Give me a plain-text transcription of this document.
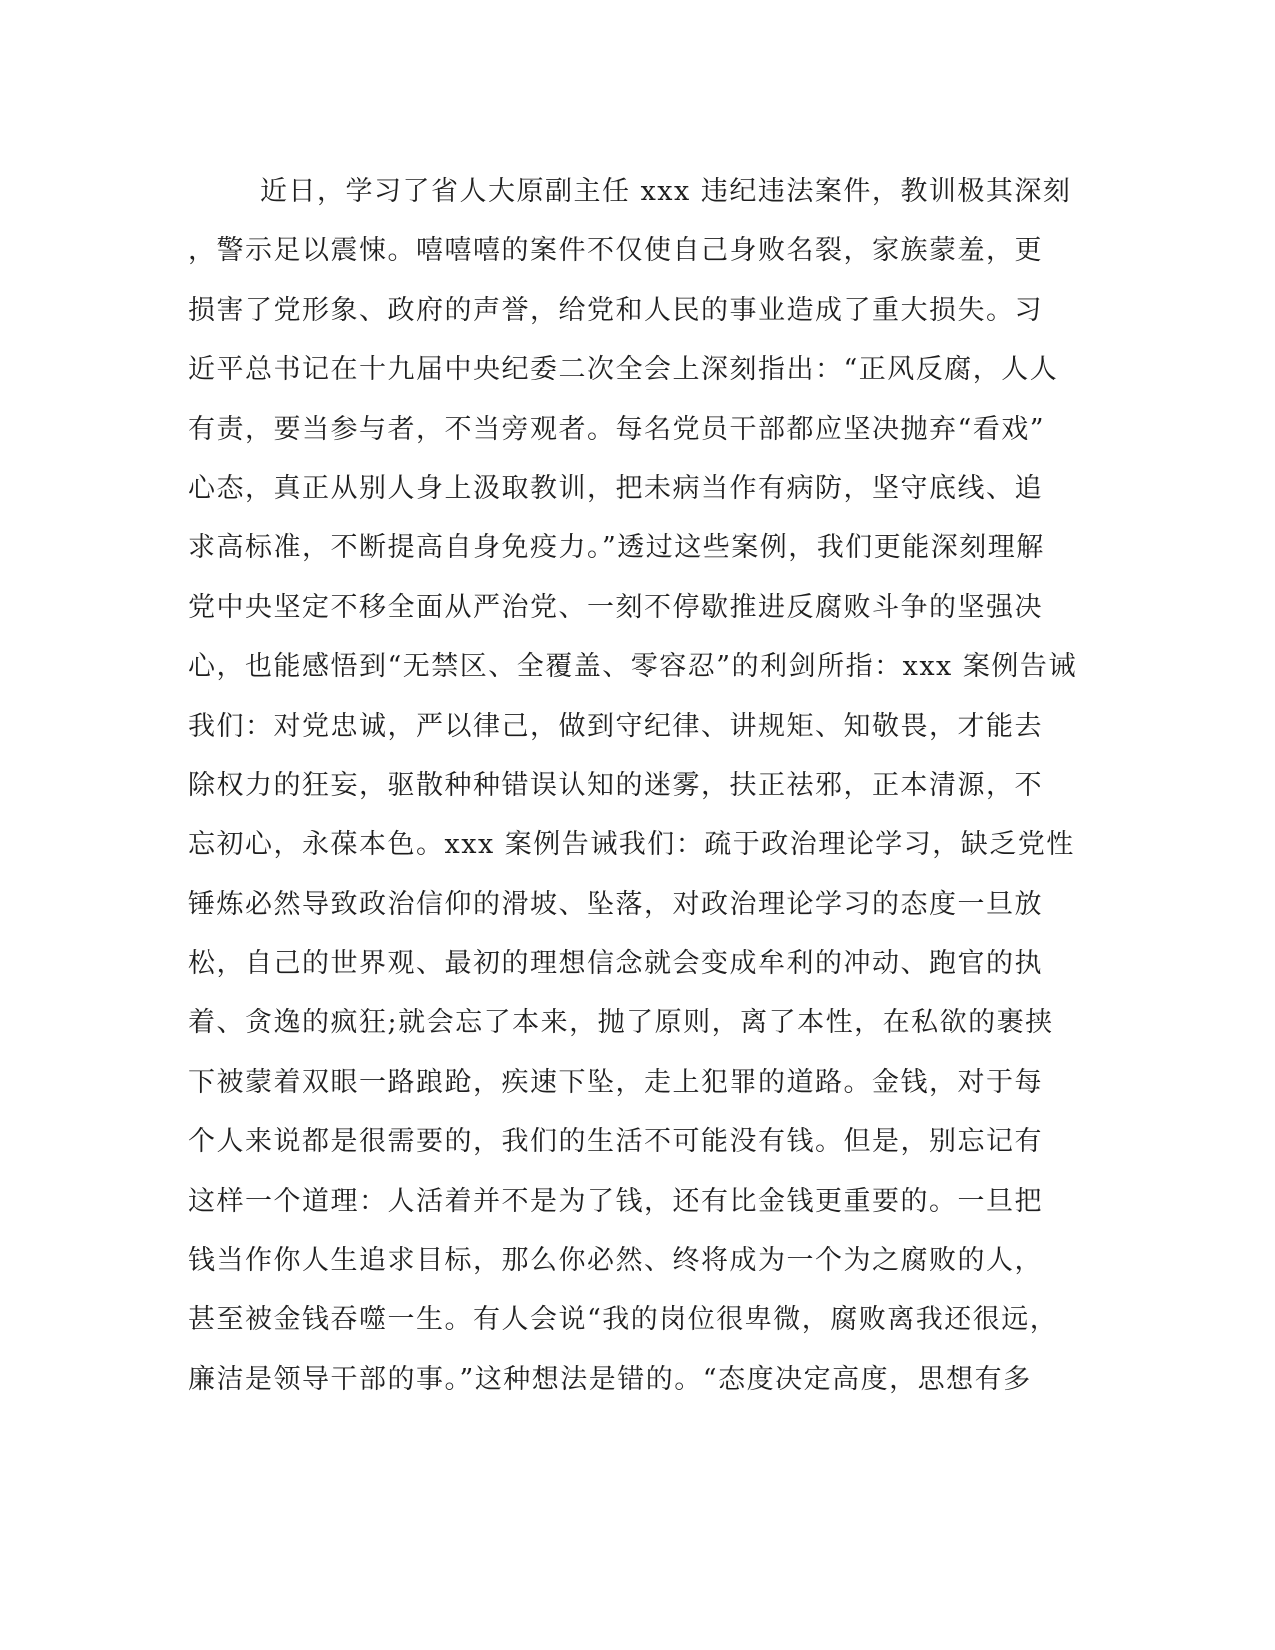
近日，学习了省人大原副主任 xxx 违纪违法案件，教训极其深刻
，警示足以震悚。嘻嘻嘻的案件不仅使自己身败名裂，家族蒙羞，更
损害了党形象、政府的声誉，给党和人民的事业造成了重大损失。习
近平总书记在十九届中央纪委二次全会上深刻指出：“正风反腐，人人
有责，要当参与者，不当旁观者。每名党员干部都应坚决抛弃“看戏”
心态，真正从别人身上汲取教训，把未病当作有病防，坚守底线、追
求高标准，不断提高自身免疫力。”透过这些案例，我们更能深刻理解
党中央坚定不移全面从严治党、一刻不停歇推进反腐败斗争的坚强决
心，也能感悟到“无禁区、全覆盖、零容忍”的利剑所指：xxx 案例告诫
我们：对党忠诚，严以律己，做到守纪律、讲规矩、知敬畏，才能去
除权力的狂妄，驱散种种错误认知的迷雾，扶正祛邪，正本清源，不
忘初心，永葆本色。xxx 案例告诫我们：疏于政治理论学习，缺乏党性
锤炼必然导致政治信仰的滑坡、坠落，对政治理论学习的态度一旦放
松，自己的世界观、最初的理想信念就会变成牟利的冲动、跑官的执
着、贪逸的疯狂;就会忘了本来，抛了原则，离了本性，在私欲的裹挟
下被蒙着双眼一路踉跄，疾速下坠，走上犯罪的道路。金钱，对于每
个人来说都是很需要的，我们的生活不可能没有钱。但是，别忘记有
这样一个道理：人活着并不是为了钱，还有比金钱更重要的。一旦把
钱当作你人生追求目标，那么你必然、终将成为一个为之腐败的人，
甚至被金钱吞噬一生。有人会说“我的岗位很卑微，腐败离我还很远，
廉洁是领导干部的事。”这种想法是错的。“态度决定高度，思想有多
